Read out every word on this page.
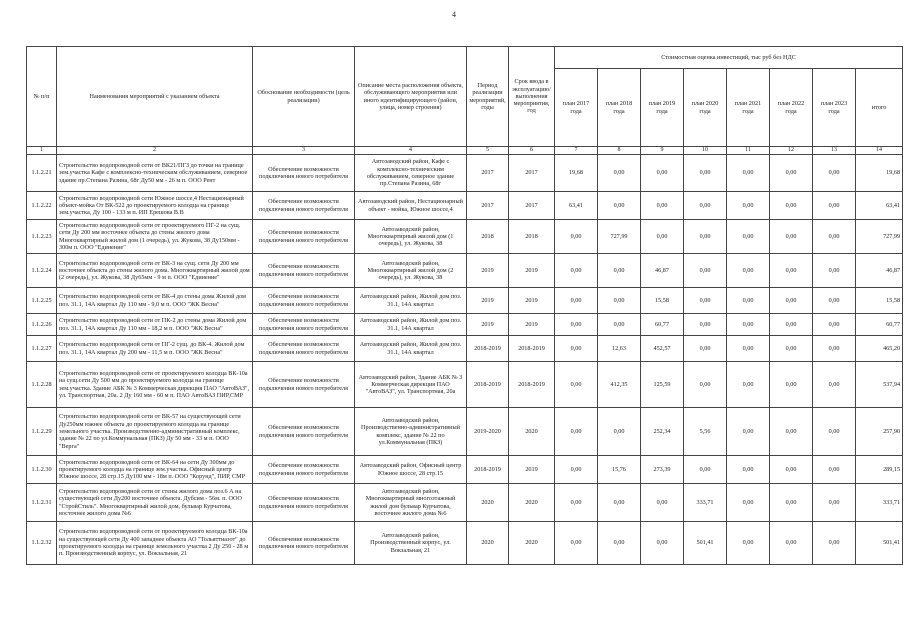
4
№ п/п	Наименования мероприятий с указанием объекта	Обоснование необходимости (цель реализации)	Описание места расположения объекта, обслуживающего мероприятия или иного идентифицирующего (район, улица, номер строения)	Период реализации мероприятий, годы	Срок ввода в эксплуатацию/ выполнения мероприятия, год	Стоимостная оценка инвестиций, тыс руб без НДС							
						план 2017 года	план 2018 года	план 2019 года	план 2020 года	план 2021 года	план 2022 года	план 2023 года	итого
1	2	3	4	5	6	7	8	9	10	11	12	13	14
1.1.2.21	Строительство водопроводной сети от ВК21/ПГ3 до точки на границе зем.участка Кафе с комплексно-техническим обслуживанием, северное здание пр.Степана Разина, 68г Ду50 мм - 26 м п. ООО Рент	Обеспечение возможности подключения нового потребителя	Автозаводский район, Кафе с комплексно-техническим обслуживанием, северное здание пр.Степана Разина, 68г	2017	2017	19,68	0,00	0,00	0,00	0,00	0,00	0,00	19,68
1.1.2.22	Строительство водопроводной сети Южное шоссе,4 Нестационарный объект-мойка От ВК-522 до проектируемого колодца на границе зем.участка, Ду 100 - 133 м п. ИП Ерешова В.В	Обеспечение возможности подключения нового потребителя	Автозаводский район, Нестационарный объект - мойка, Южное шоссе,4	2017	2017	63,41	0,00	0,00	0,00	0,00	0,00	0,00	63,41
1.1.2.23	Строительство водопроводной сети от проектируемого ПГ-2 на сущ. сети Ду 200 мм восточнее объекта до стены жилого дома Многоквартирный жилой дом (1 очередь), ул. Жукова, 38 Ду150мм - 300м п. ООО "Единение"	Обеспечение возможности подключения нового потребителя	Автозаводский район, Многоквартирный жилой дом (1 очередь), ул. Жукова, 38	2018	2018	0,00	727,99	0,00	0,00	0,00	0,00	0,00	727,99
1.1.2.24	Строительство водопроводной сети от ВК-3 на сущ. сети Ду 200 мм восточнее объекта до стены жилого дома. Многоквартирный жилой дом (2 очередь), ул. Жукова, 38 Ду65мм - 9 м п. ООО "Единение"	Обеспечение возможности подключения нового потребителя	Автозаводский район, Многоквартирный жилой дом (2 очередь), ул. Жукова, 38	2019	2019	0,00	0,00	46,87	0,00	0,00	0,00	0,00	46,87
1.1.2.25	Строительство водопроводной сети от ВК-4 до стены дома Жилой дом поз. 31.1, 14А квартал Ду 110 мм - 9,0 м п. ООО "ЖК Весна"	Обеспечение возможности подключения нового потребителя	Автозаводский район, Жилой дом поз. 31.1, 14А квартал	2019	2019	0,00	0,00	15,58	0,00	0,00	0,00	0,00	15,58
1.1.2.26	Строительство водопроводной сети от ПК-2 до стены дома Жилой дом поз. 31.1, 14А квартал Ду 110 мм - 18,2 м п. ООО "ЖК Весна"	Обеспечение возможности подключения нового потребителя	Автозаводский район, Жилой дом поз. 31.1, 14А квартал	2019	2019	0,00	0,00	60,77	0,00	0,00	0,00	0,00	60,77
1.1.2.27	Строительство водопроводной сети от ПГ-2 сущ. до ВК-4. Жилой дом поз. 31.1, 14А квартал Ду 200 мм - 11,5 м п. ООО "ЖК Весна"	Обеспечение возможности подключения нового потребителя	Автозаводский район, Жилой дом поз. 31.1, 14А квартал	2018-2019	2018-2019	0,00	12,63	452,57	0,00	0,00	0,00	0,00	465,20
1.1.2.28	Строительство водопроводной сети от проектируемого колодца ВК-10а на сущ.сети Ду 500 мм до проектируемого колодца на границе зем.участка. Здание АБК № 3 Коммерческая дирекция ПАО "АвтоВАЗ", ул. Транспортная, 20а. 2 Ду 160 мм - 60 м п. ПАО АвтоВАЗ ПИР,СМР	Обеспечение возможности подключения нового потребителя	Автозаводский район, Здание АБК № 3 Коммерческая дирекция ПАО "АвтоВАЗ", ул. Транспортная, 20а	2018-2019	2018-2019	0,00	412,35	125,59	0,00	0,00	0,00	0,00	537,94
1.1.2.29	Строительство водопроводной сети от ВК-57 на существующей сети Ду250мм южнее объекта до проектируемого колодца на границе земельного участка. Производственно-административный комплекс, здание № 22 по ул.Коммунальная (ПКЗ) Ду 50 мм - 33 м п. ООО "Верга"	Обеспечение возможности подключения нового потребителя	Автозаводский район, Производственно-административный комплекс, здание № 22 по ул.Коммунальная (ПКЗ)	2019-2020	2020	0,00	0,00	252,34	5,56	0,00	0,00	0,00	257,90
1.1.2.30	Строительство водопроводной сети от ВК-64 на сети Ду 300мм до проектируемого колодца на границе зем.участка. Офисный центр Южное шоссе, 28 стр.15 Ду100 мм - 18м п. ООО "Корунд", ПИР, СМР	Обеспечение возможности подключения нового потребителя	Автозаводский район, Офисный центр Южное шоссе, 28 стр.15	2018-2019	2019	0,00	15,76	273,39	0,00	0,00	0,00	0,00	289,15
1.1.2.31	Строительство водопроводной сети от стены жилого дома поз.6 А на существующей сети Ду200 восточнее объекта. Дубсим - 56м. п. ООО "СтройСтиль". Многоквартирный жилой дом, бульвар Курчатова, восточнее жилого дома №6	Обеспечение возможности подключения нового потребителя	Автозаводский район, Многоквартирный многоэтажный жилой дом бульвар Курчатова, восточнее жилого дома №6	2020	2020	0,00	0,00	0,00	333,71	0,00	0,00	0,00	333,71
1.1.2.32	Строительство водопроводной сети от проектируемого колодца ВК-10а на существующей сети Ду 400 западнее объекта АО "Тольяттиазот" до проектируемого колодца на границе земельного участка 2 Ду 250 - 28 м п. Производственный корпус, ул. Вокзальная, 21	Обеспечение возможности подключения нового потребителя	Автозаводский район, Производственный корпус, ул. Вокзальная, 21	2020	2020	0,00	0,00	0,00	501,41	0,00	0,00	0,00	501,41
